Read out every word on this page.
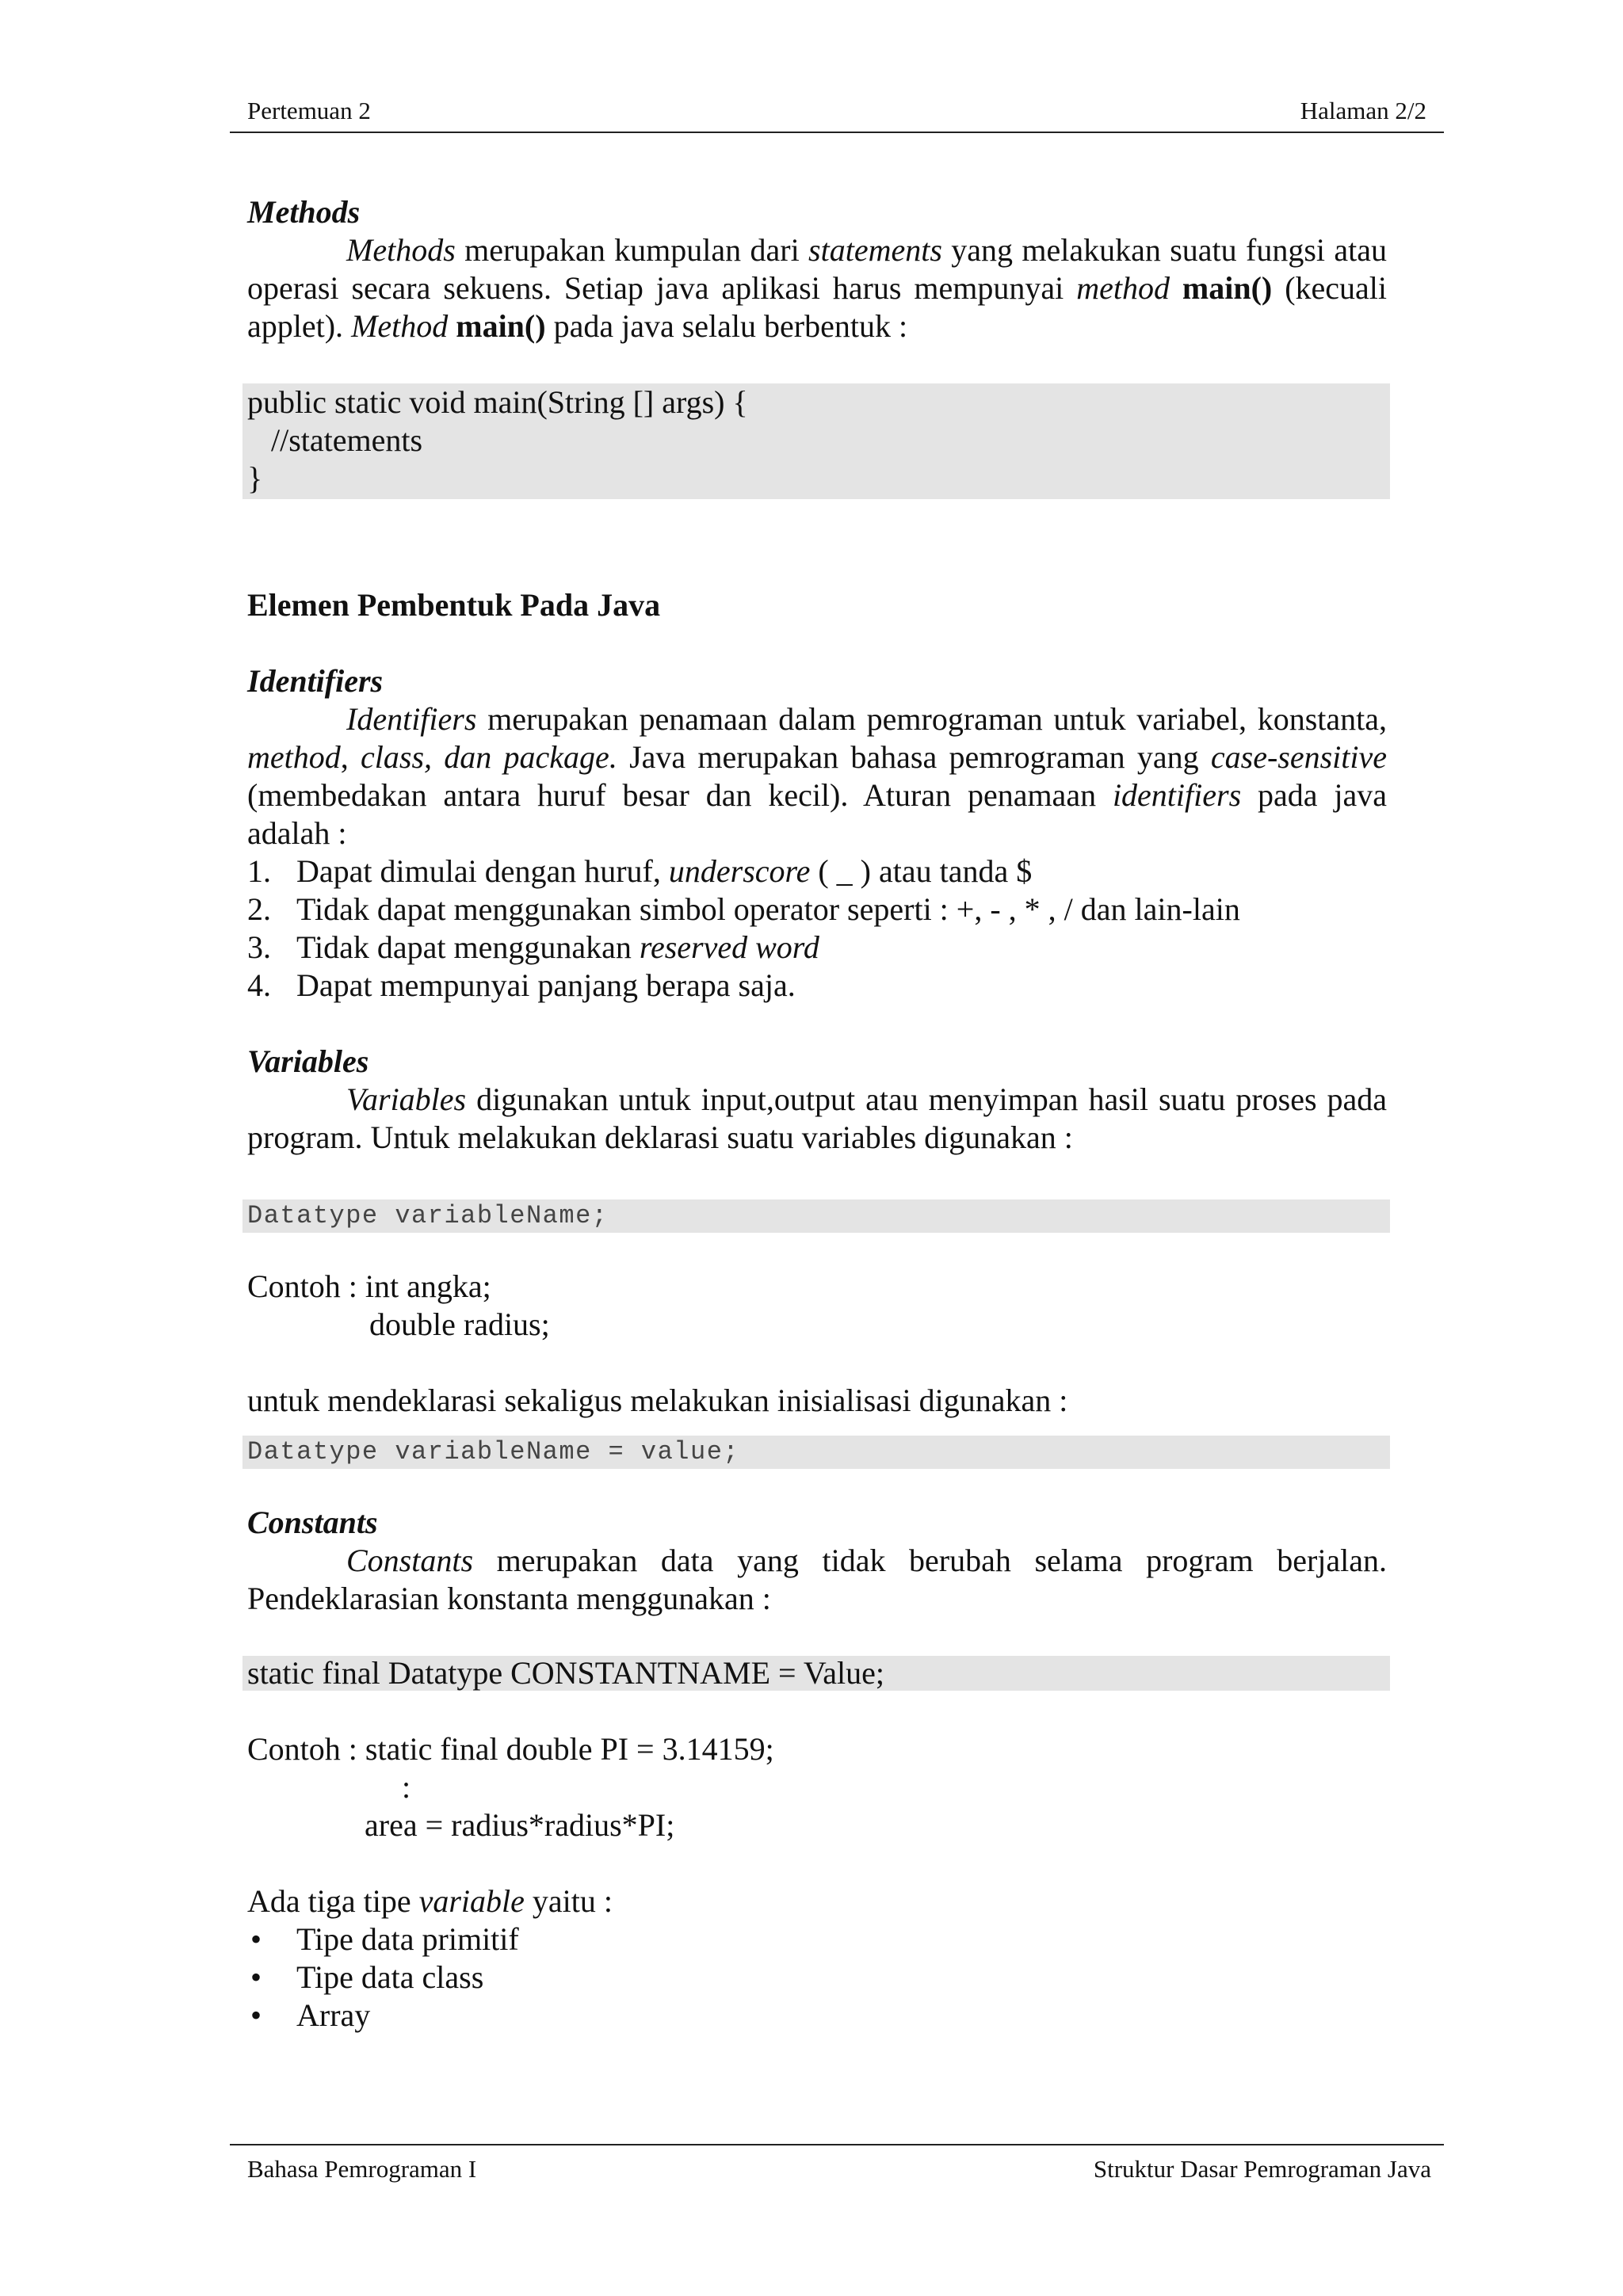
Pertemuan 2	Halaman 2/2
Methods

Methods merupakan kumpulan dari statements yang melakukan suatu fungsi atau operasi secara sekuens. Setiap java aplikasi harus mempunyai method main() (kecuali applet). Method main() pada java selalu berbentuk :

public static void main(String [] args) {
//statements
}
Elemen Pembentuk Pada Java
Identifiers

Identifiers merupakan penamaan dalam pemrograman untuk variabel, konstanta, method, class, dan package. Java merupakan bahasa pemrograman yang case-sensitive (membedakan antara huruf besar dan kecil). Aturan penamaan identifiers pada java adalah :

1. Dapat dimulai dengan huruf, underscore ( _ ) atau tanda $
2. Tidak dapat menggunakan simbol operator seperti : +, - , * , / dan lain-lain
3. Tidak dapat menggunakan reserved word
4. Dapat mempunyai panjang berapa saja.
Variables

Variables digunakan untuk input,output atau menyimpan hasil suatu proses pada program. Untuk melakukan deklarasi suatu variables digunakan :

Datatype variableName;

Contoh : int angka;

double radius;

untuk mendeklarasi sekaligus melakukan inisialisasi digunakan :

Datatype variableName = value;
Constants

Constants merupakan data yang tidak berubah selama program berjalan. Pendeklarasian konstanta menggunakan :

static final Datatype CONSTANTNAME = Value;

Contoh : static final double PI = 3.14159;

:

area = radius*radius*PI;

Ada tiga tipe variable yaitu :

• Tipe data primitif
• Tipe data class
• Array
Bahasa Pemrograman I	Struktur Dasar Pemrograman Java
